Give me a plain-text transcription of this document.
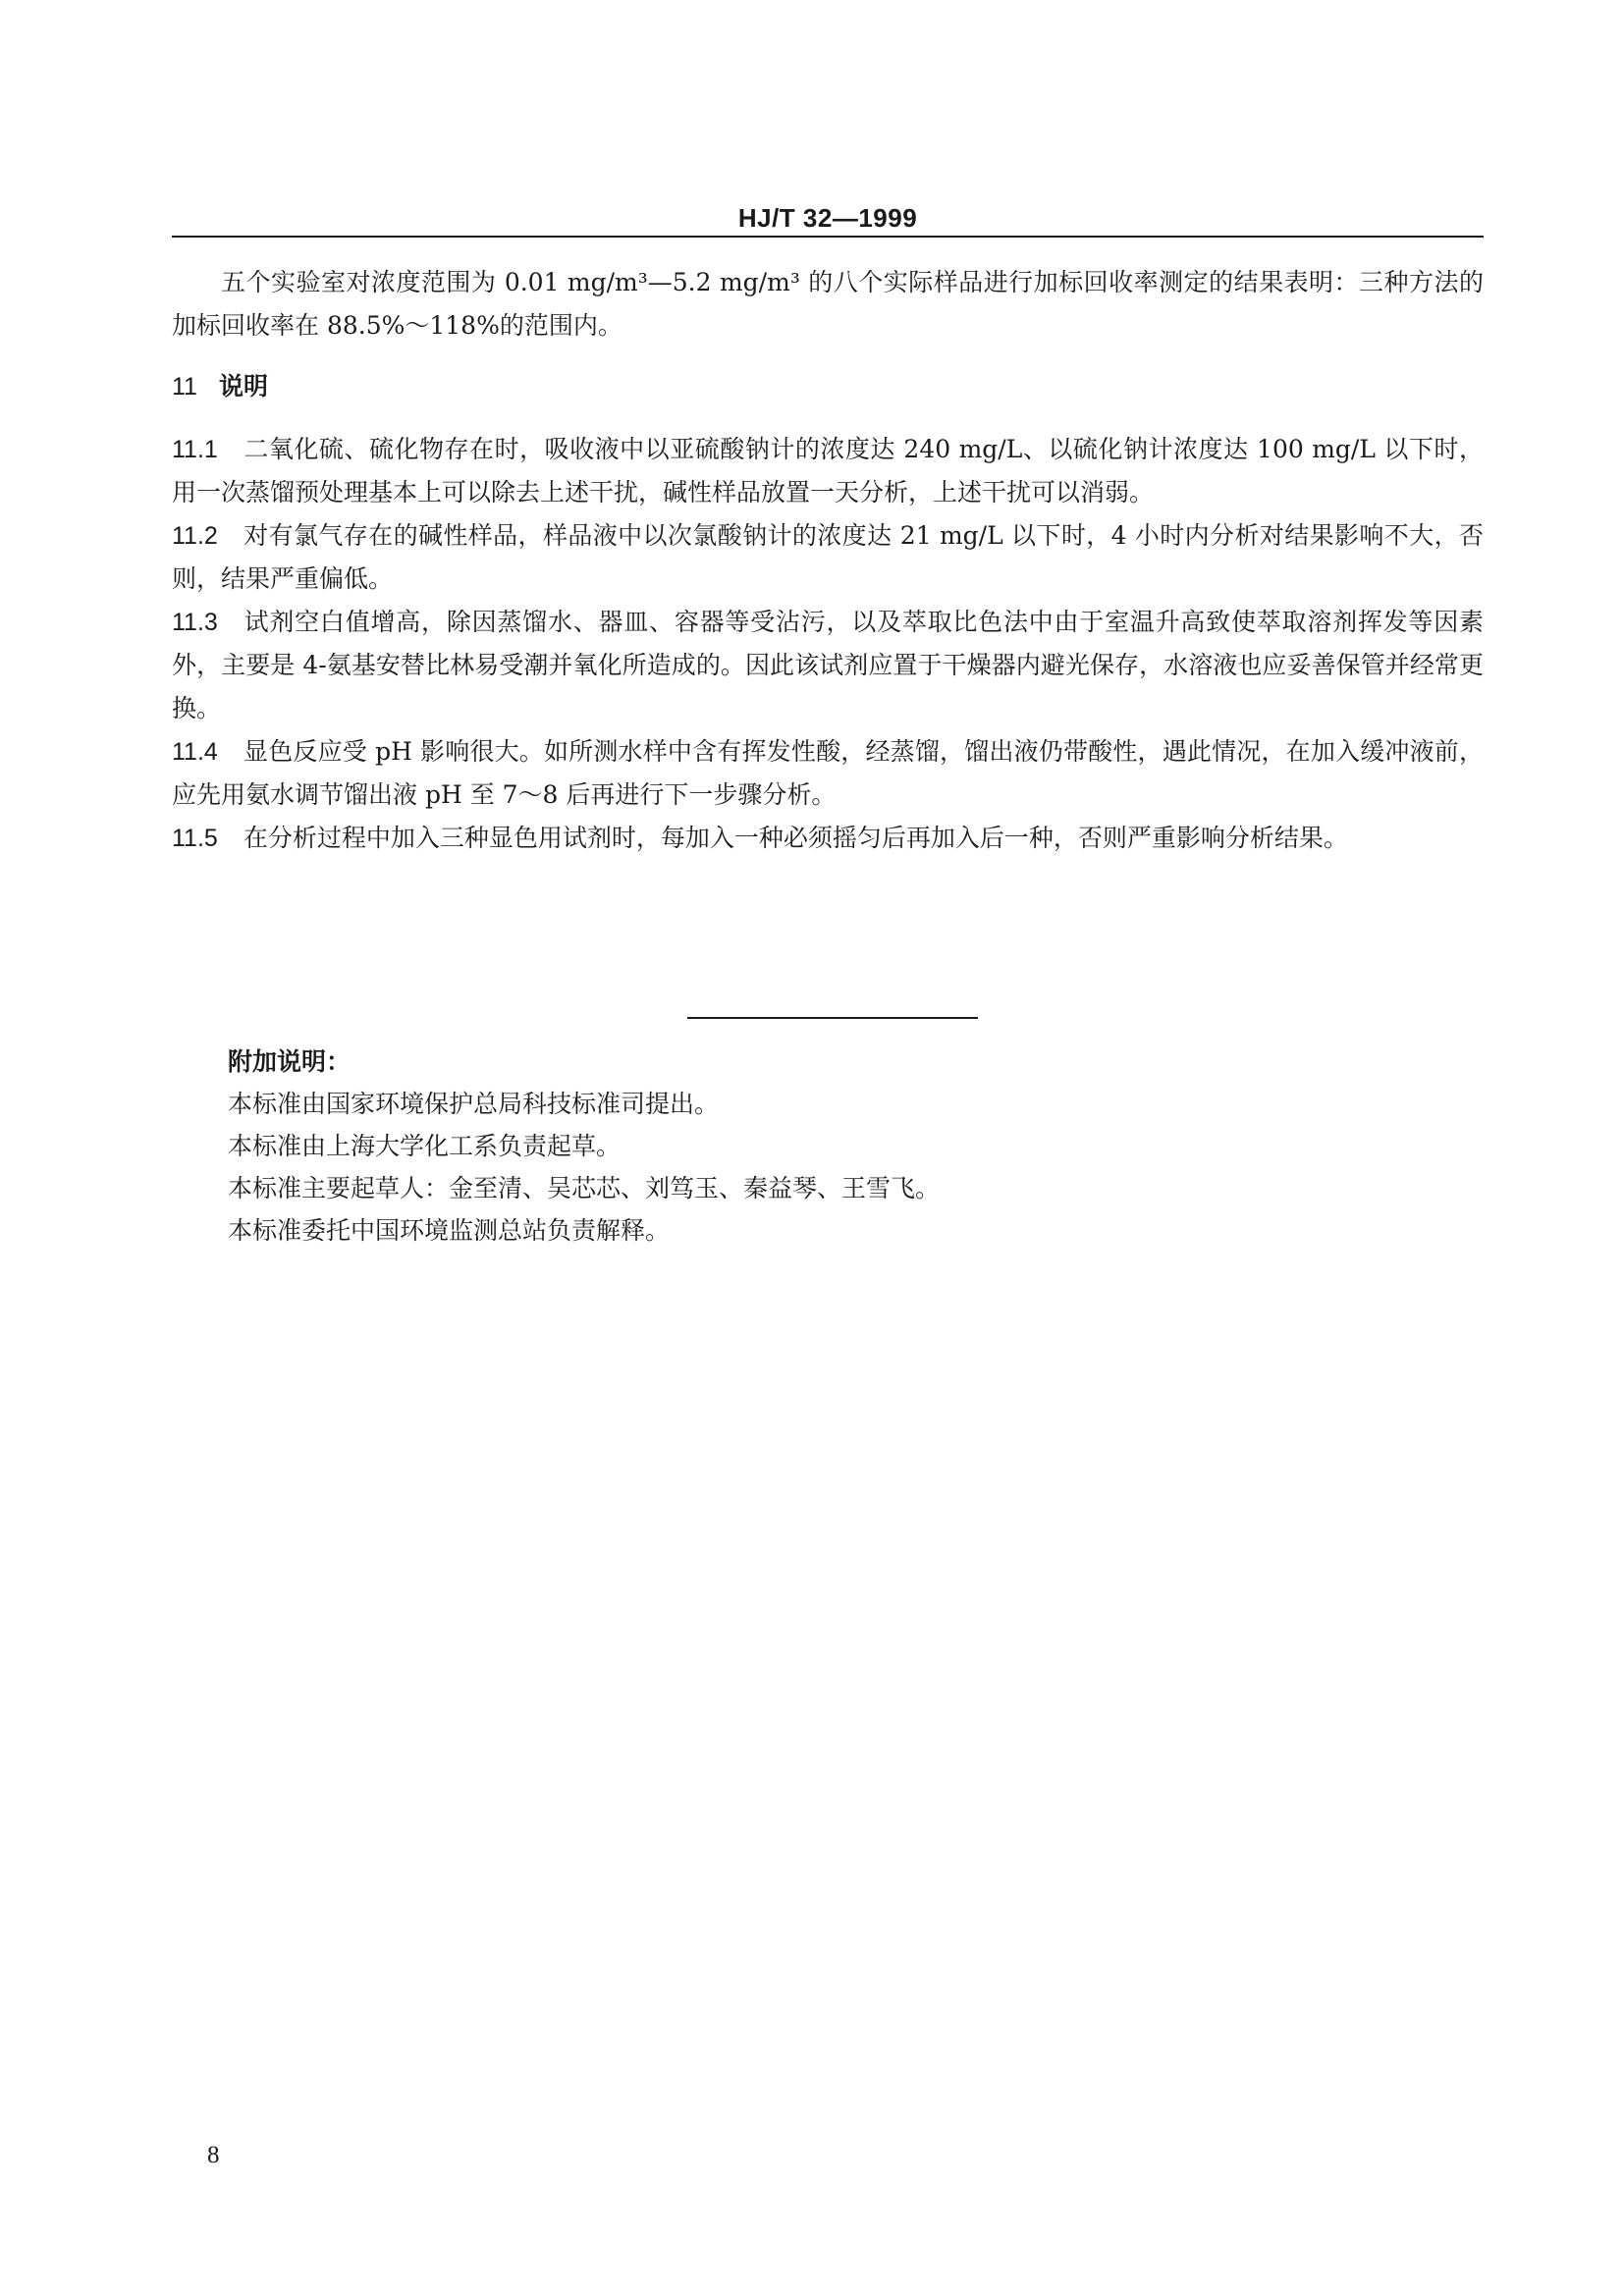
HJ/T 32—1999

五个实验室对浓度范围为 0.01 mg/m³—5.2 mg/m³ 的八个实际样品进行加标回收率测定的结果表明：三种方法的加标回收率在 88.5%～118%的范围内。

11 说明

11.1 二氧化硫、硫化物存在时，吸收液中以亚硫酸钠计的浓度达 240 mg/L、以硫化钠计浓度达 100 mg/L 以下时，用一次蒸馏预处理基本上可以除去上述干扰，碱性样品放置一天分析，上述干扰可以消弱。

11.2 对有氯气存在的碱性样品，样品液中以次氯酸钠计的浓度达 21 mg/L 以下时，4 小时内分析对结果影响不大，否则，结果严重偏低。

11.3 试剂空白值增高，除因蒸馏水、器皿、容器等受沾污，以及萃取比色法中由于室温升高致使萃取溶剂挥发等因素外，主要是 4-氨基安替比林易受潮并氧化所造成的。因此该试剂应置于干燥器内避光保存，水溶液也应妥善保管并经常更换。

11.4 显色反应受 pH 影响很大。如所测水样中含有挥发性酸，经蒸馏，馏出液仍带酸性，遇此情况，在加入缓冲液前，应先用氨水调节馏出液 pH 至 7～8 后再进行下一步骤分析。

11.5 在分析过程中加入三种显色用试剂时，每加入一种必须摇匀后再加入后一种，否则严重影响分析结果。

附加说明：

本标准由国家环境保护总局科技标准司提出。

本标准由上海大学化工系负责起草。

本标准主要起草人：金至清、吴芯芯、刘笃玉、秦益琴、王雪飞。

本标准委托中国环境监测总站负责解释。

8
